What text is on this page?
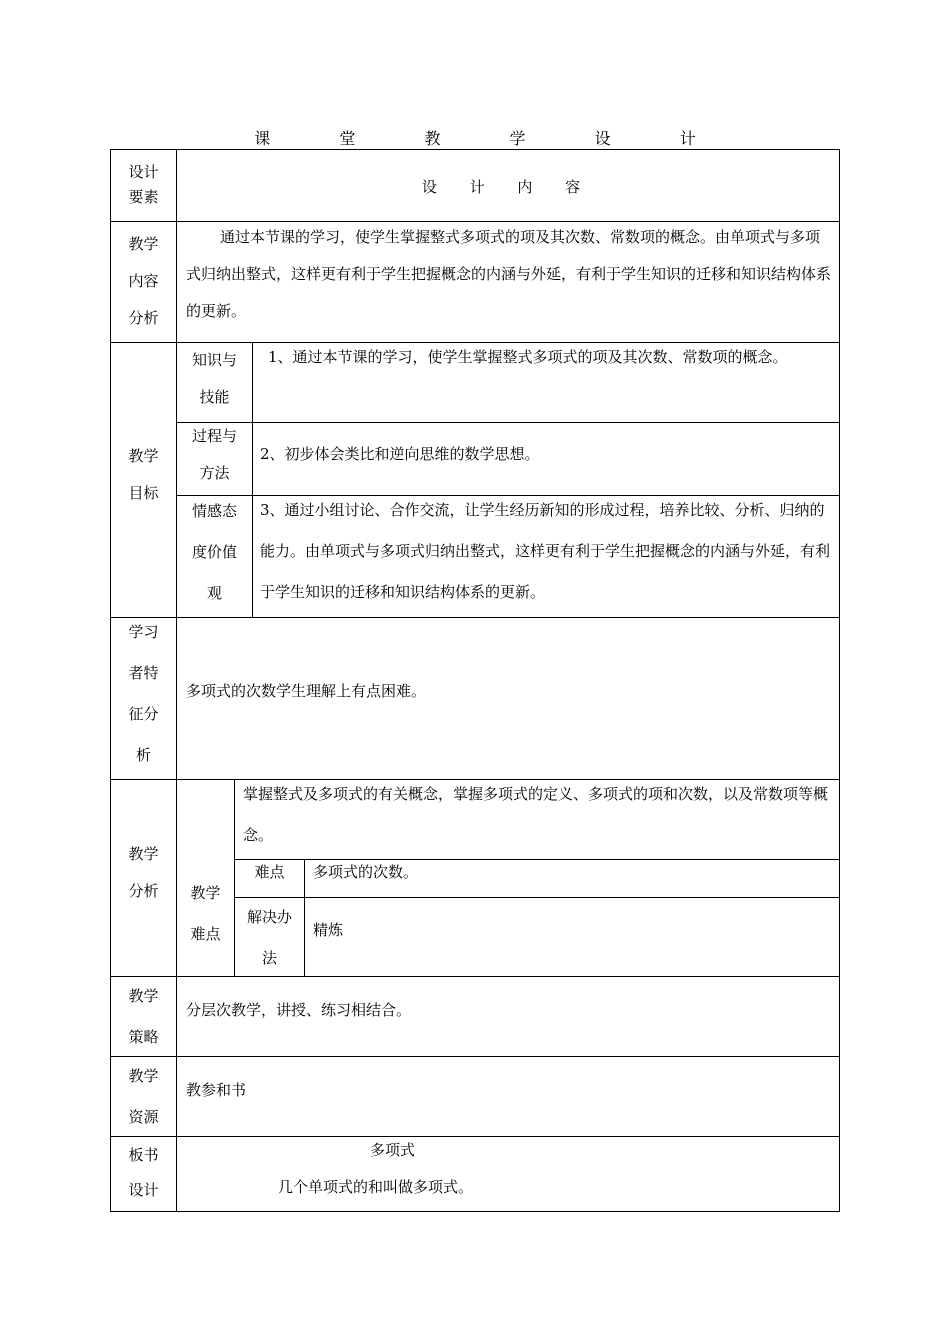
课 堂 教 学 设 计
设计要素
设 计 内 容
教学内容分析
通过本节课的学习，使学生掌握整式多项式的项及其次数、常数项的概念。由单项式与多项式归纳出整式，这样更有利于学生把握概念的内涵与外延，有利于学生知识的迁移和知识结构体系的更新。
教学目标
知识与技能
1、通过本节课的学习，使学生掌握整式多项式的项及其次数、常数项的概念。
过程与方法
2、初步体会类比和逆向思维的数学思想。
情感态度价值观
3、通过小组讨论、合作交流，让学生经历新知的形成过程，培养比较、分析、归纳的能力。由单项式与多项式归纳出整式，这样更有利于学生把握概念的内涵与外延，有利于学生知识的迁移和知识结构体系的更新。
学习者特征分析
多项式的次数学生理解上有点困难。
教学分析
掌握整式及多项式的有关概念，掌握多项式的定义、多项式的项和次数，以及常数项等概念。
教学难点
难点	多项式的次数。
解决办法
精炼
教学策略
分层次教学，讲授、练习相结合。
教学资源
教参和书
板书设计
多项式
几个单项式的和叫做多项式。
